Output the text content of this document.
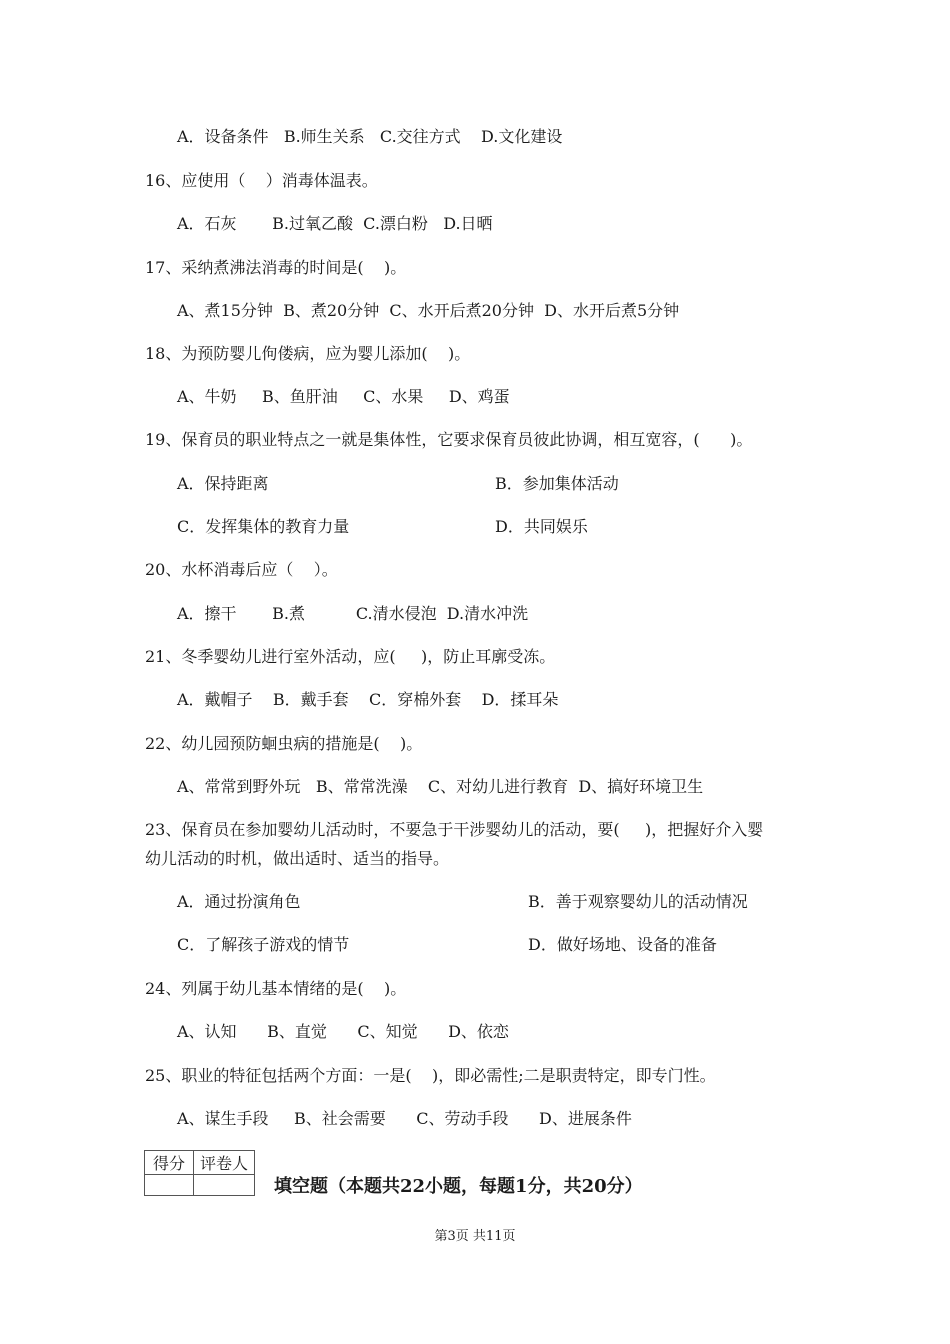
A．设备条件   B.师生关系   C.交往方式    D.文化建设
16、应使用（    ）消毒体温表。
A．石灰       B.过氧乙酸  C.漂白粉   D.日晒
17、采纳煮沸法消毒的时间是(    )。
A、煮15分钟  B、煮20分钟  C、水开后煮20分钟  D、水开后煮5分钟
18、为预防婴儿佝偻病，应为婴儿添加(    )。
A、牛奶     B、鱼肝油     C、水果     D、鸡蛋
19、保育员的职业特点之一就是集体性，它要求保育员彼此协调，相互宽容，(      )。
A．保持距离	B．参加集体活动
C．发挥集体的教育力量	D．共同娱乐
20、水杯消毒后应（    ）。
A．擦干       B.煮          C.清水侵泡  D.清水冲洗
21、冬季婴幼儿进行室外活动，应(     )，防止耳廓受冻。
A．戴帽子    B．戴手套    C．穿棉外套    D．揉耳朵
22、幼儿园预防蛔虫病的措施是(    )。
A、常常到野外玩   B、常常洗澡    C、对幼儿进行教育  D、搞好环境卫生
23、保育员在参加婴幼儿活动时，不要急于干涉婴幼儿的活动，要(     )，把握好介入婴
幼儿活动的时机，做出适时、适当的指导。
A．通过扮演角色	B．善于观察婴幼儿的活动情况
C．了解孩子游戏的情节	D．做好场地、设备的准备
24、列属于幼儿基本情绪的是(    )。
A、认知      B、直觉      C、知觉      D、依恋
25、职业的特征包括两个方面：一是(    )，即必需性;二是职责特定，即专门性。
A、谋生手段     B、社会需要      C、劳动手段      D、进展条件
得分	评卷人

填空题（本题共22小题，每题1分，共20分）
第3页 共11页
